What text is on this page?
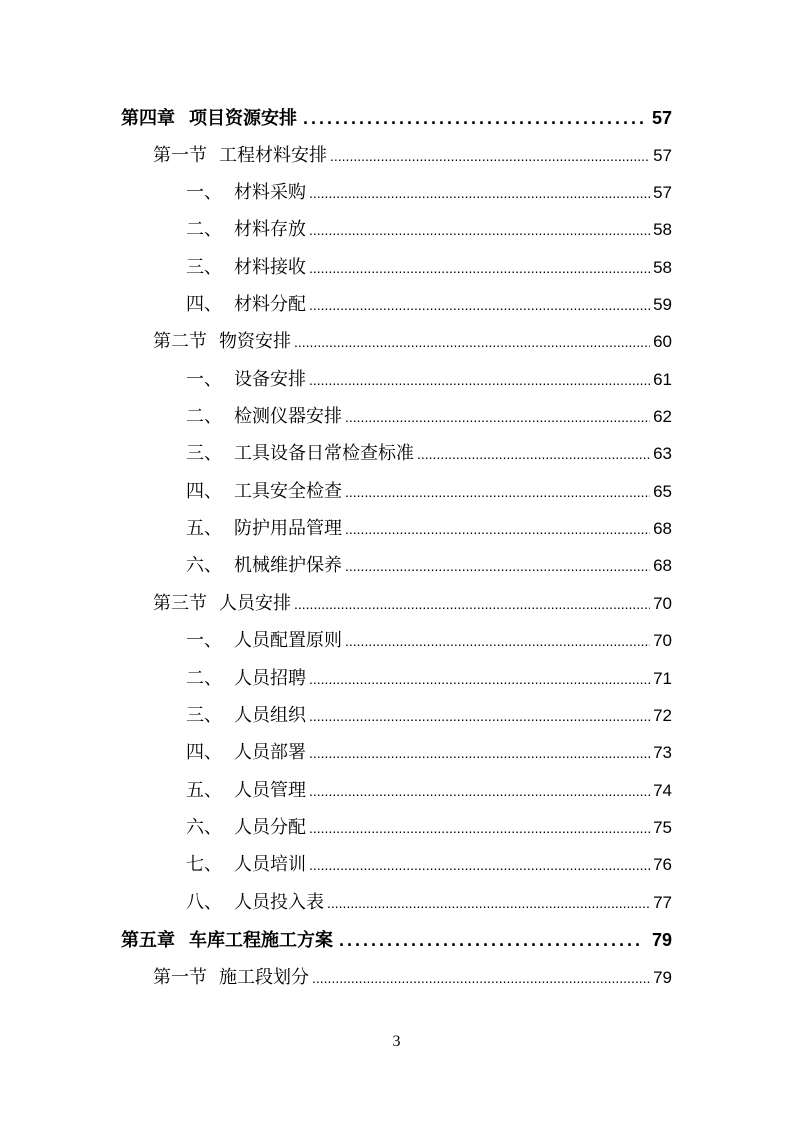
第四章 项目资源安排 .....	57
第一节 工程材料安排 .....	57
一、 材料采购 .....	57
二、 材料存放 .....	58
三、 材料接收 .....	58
四、 材料分配 .....	59
第二节 物资安排 .....	60
一、 设备安排 .....	61
二、 检测仪器安排 .....	62
三、 工具设备日常检查标准 .....	63
四、 工具安全检查 .....	65
五、 防护用品管理 .....	68
六、 机械维护保养 .....	68
第三节 人员安排 .....	70
一、 人员配置原则 .....	70
二、 人员招聘 .....	71
三、 人员组织 .....	72
四、 人员部署 .....	73
五、 人员管理 .....	74
六、 人员分配 .....	75
七、 人员培训 .....	76
八、 人员投入表 .....	77
第五章 车库工程施工方案 .....	79
第一节 施工段划分 .....	79
3
